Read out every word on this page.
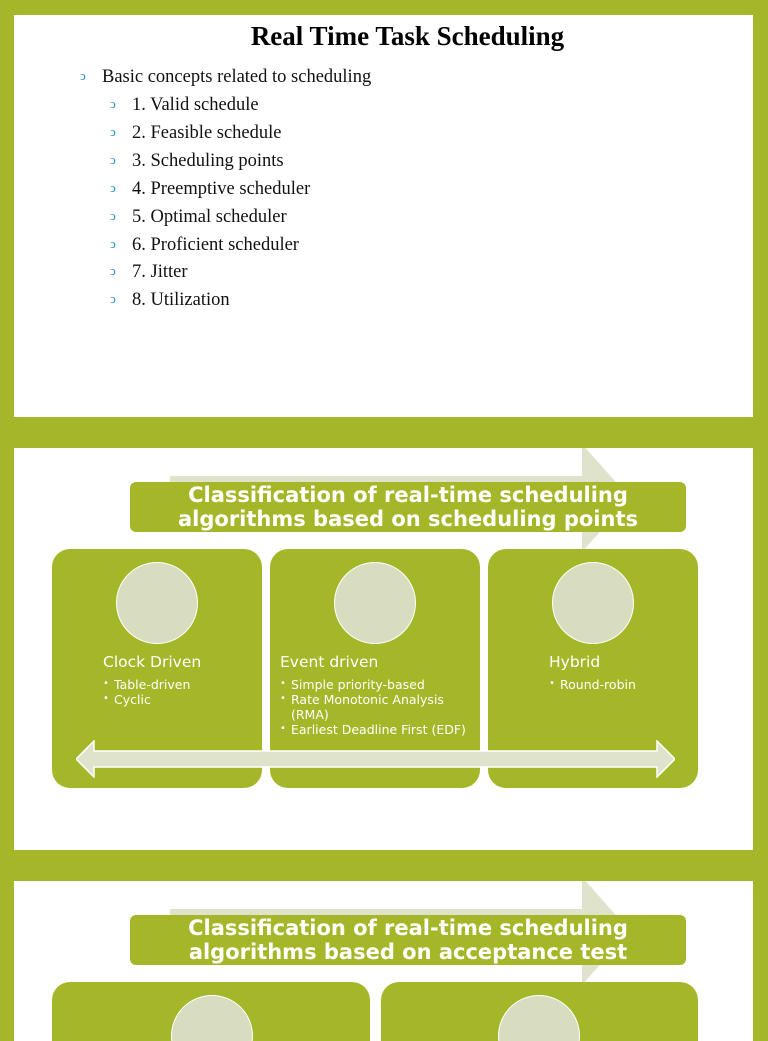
Real Time Task Scheduling
ↄ Basic concepts related to scheduling
ↄ 1. Valid schedule
ↄ 2. Feasible schedule
ↄ 3. Scheduling points
ↄ 4. Preemptive scheduler
ↄ 5. Optimal scheduler
ↄ 6. Proficient scheduler
ↄ 7. Jitter
ↄ 8. Utilization
Classification of real-time scheduling
algorithms based on scheduling points
Clock Driven
• Table-driven
• Cyclic
Event driven
• Simple priority-based
• Rate Monotonic Analysis
(RMA)
• Earliest Deadline First (EDF)
Hybrid
• Round-robin
Classification of real-time scheduling
algorithms based on acceptance test
